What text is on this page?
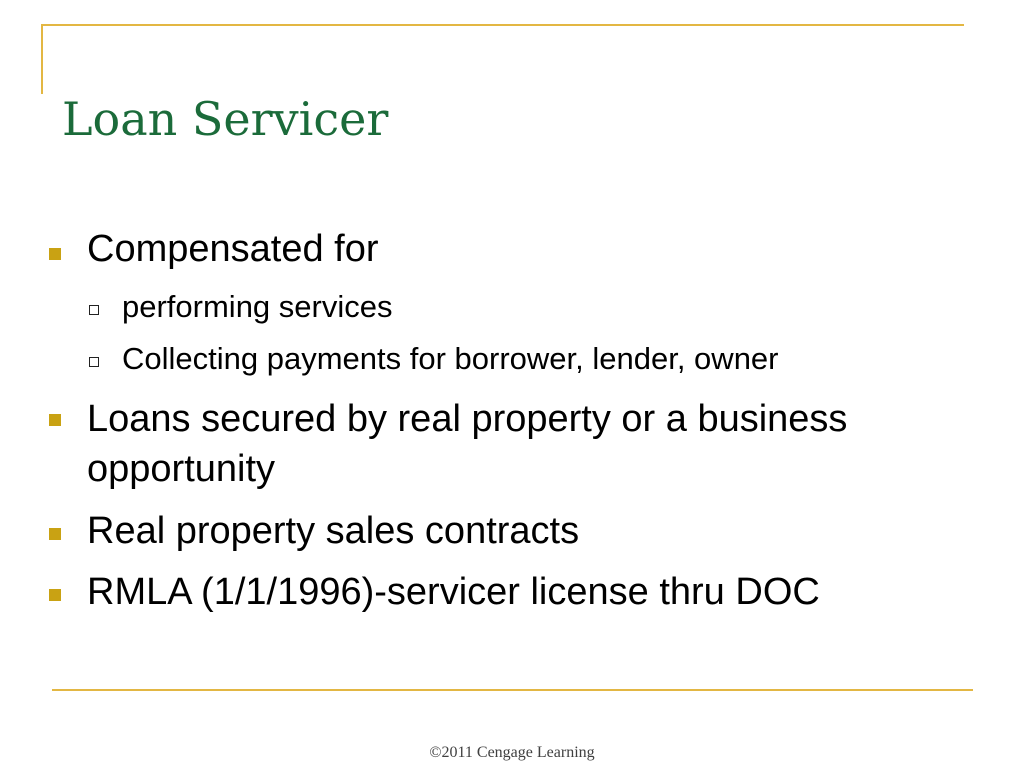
Loan Servicer
Compensated for
performing services
Collecting payments for borrower, lender, owner
Loans secured by real property or a business opportunity
Real property sales contracts
RMLA (1/1/1996)-servicer license thru DOC
©2011 Cengage Learning
